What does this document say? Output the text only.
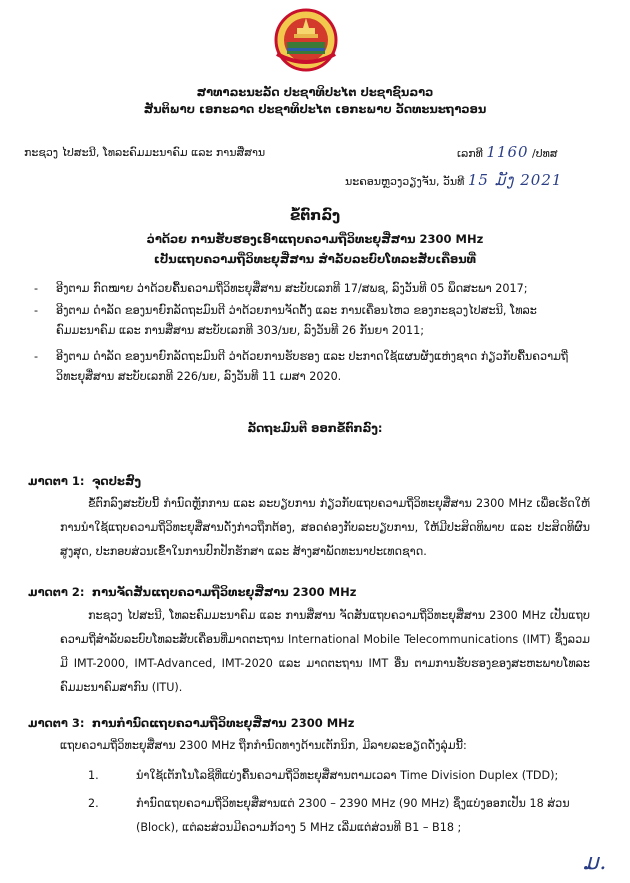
ສາທາລະນະລັດ ປະຊາທິປະໄຕ ປະຊາຊົນລາວ
ສັນຕິພາບ ເອກະລາດ ປະຊາທິປະໄຕ ເອກະພາບ ວັດທະນະຖາວອນ
ກະຊວງ ໄປສະນີ, ໂທລະຄົມມະນາຄົມ ແລະ ການສື່ສານ	ເລກທີ 1160 /ປທສ
ນະຄອນຫຼວງວຽງຈັນ, ວັນທີ 15 ມັງ 2021
ຂໍ້ຕົກລົງ
ວ່າດ້ວຍ ການຮັບຮອງເອົາແຖບຄວາມຖີ່ວິທະຍຸສື່ສານ 2300 MHz
ເປັນແຖບຄວາມຖີ່ວິທະຍຸສື່ສານ ສຳລັບລະບົບໂທລະສັບເຄື່ອນທີ່
- ອີງຕາມ ກົດໝາຍ ວ່າດ້ວຍຄື້ນຄວາມຖີ່ວິທະຍຸສື່ສານ ສະບັບເລກທີ 17/ສພຊ, ລົງວັນທີ 05 ພຶດສະພາ 2017;
- ອີງຕາມ ດຳລັດ ຂອງນາຍົກລັດຖະມົນຕີ ວ່າດ້ວຍການຈັດຕັ້ງ ແລະ ການເຄື່ອນໄຫວ ຂອງກະຊວງໄປສະນີ, ໂທລະຄົມມະນາຄົມ ແລະ ການສື່ສານ ສະບັບເລກທີ 303/ນຍ, ລົງວັນທີ 26 ກັນຍາ 2011;
- ອີງຕາມ ດຳລັດ ຂອງນາຍົກລັດຖະມົນຕີ ວ່າດ້ວຍການຮັບຮອງ ແລະ ປະກາດໃຊ້ແຜນຜັງແຫ່ງຊາດ ກ່ຽວກັບຄື້ນຄວາມຖີ່ວິທະຍຸສື່ສານ ສະບັບເລກທີ 226/ນຍ, ລົງວັນທີ 11 ເມສາ 2020.
ລັດຖະມົນຕີ ອອກຂໍ້ຕົກລົງ:
ມາດຕາ 1: ຈຸດປະສົງ
ຂໍ້ຕົກລົງສະບັບນີ້ ກຳນົດຫຼັກການ ແລະ ລະບຽບການ ກ່ຽວກັບແຖບຄວາມຖີ່ວິທະຍຸສື່ສານ 2300 MHz ເພື່ອເຮັດໃຫ້ການນຳໃຊ້ແຖບຄວາມຖີ່ວິທະຍຸສື່ສານດັ່ງກ່າວຖືກຕ້ອງ, ສອດຄ່ອງກັບລະບຽບການ, ໃຫ້ມີປະສິດທິພາບ ແລະ ປະສິດທິຜົນສູງສຸດ, ປະກອບສ່ວນເຂົ້າໃນການປົກປັກຮັກສາ ແລະ ສ້າງສາພັດທະນາປະເທດຊາດ.
ມາດຕາ 2: ການຈັດສັນແຖບຄວາມຖີ່ວິທະຍຸສື່ສານ 2300 MHz
ກະຊວງ ໄປສະນີ, ໂທລະຄົມມະນາຄົມ ແລະ ການສື່ສານ ຈັດສັນແຖບຄວາມຖີ່ວິທະຍຸສື່ສານ 2300 MHz ເປັນແຖບຄວາມຖີ່ສຳລັບລະບົບໂທລະສັບເຄື່ອນທີ່ມາດຕະຖານ International Mobile Telecommunications (IMT) ຊຶ່ງລວມມີ IMT-2000, IMT-Advanced, IMT-2020 ແລະ ມາດຕະຖານ IMT ອື່ນ ຕາມການຮັບຮອງຂອງສະຫະພາບໂທລະຄົມມະນາຄົມສາກົນ (ITU).
ມາດຕາ 3: ການກຳນົດແຖບຄວາມຖີ່ວິທະຍຸສື່ສານ 2300 MHz
ແຖບຄວາມຖີ່ວິທະຍຸສື່ສານ 2300 MHz ຖືກກຳນົດທາງດ້ານເຕັກນິກ, ມີລາຍລະອຽດດັ່ງລຸ່ມນີ້:
1.	ນຳໃຊ້ເຕັກໂນໂລຊີທີ່ແບ່ງຄື້ນຄວາມຖີ່ວິທະຍຸສື່ສານຕາມເວລາ Time Division Duplex (TDD);
2.	ກຳນົດແຖບຄວາມຖີ່ວິທະຍຸສື່ສານແຕ່ 2300 – 2390 MHz (90 MHz) ຊຶ່ງແບ່ງອອກເປັນ 18 ສ່ວນ (Block), ແຕ່ລະສ່ວນມີຄວາມກ້ວາງ 5 MHz ເລີ່ມແຕ່ສ່ວນທີ B1 – B18 ;
ມ.
